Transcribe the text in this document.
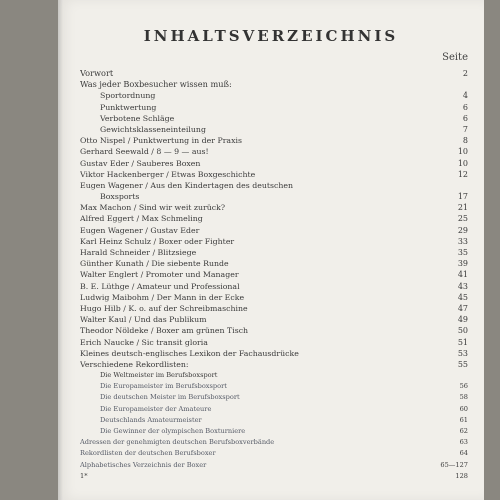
INHALTSVERZEICHNIS
Seite
Vorwort	2
Was jeder Boxbesucher wissen muß:
Sportordnung	4
Punktwertung	6
Verbotene Schläge	6
Gewichtsklasseneinteilung	7
Otto Nispel / Punktwertung in der Praxis	8
Gerhard Seewald / 8 — 9 — aus!	10
Gustav Eder / Sauberes Boxen	10
Viktor Hackenberger / Etwas Boxgeschichte	12
Eugen Wagener / Aus den Kindertagen des deutschen
Boxsports	17
Max Machon / Sind wir weit zurück?	21
Alfred Eggert / Max Schmeling	25
Eugen Wagener / Gustav Eder	29
Karl Heinz Schulz / Boxer oder Fighter	33
Harald Schneider / Blitzsiege	35
Günther Kunath / Die siebente Runde	39
Walter Englert / Promoter und Manager	41
B. E. Lüthge / Amateur und Professional	43
Ludwig Maibohm / Der Mann in der Ecke	45
Hugo Hilb / K. o. auf der Schreibmaschine	47
Walter Kaul / Und das Publikum	49
Theodor Nöldeke / Boxer am grünen Tisch	50
Erich Naucke / Sic transit gloria	51
Kleines deutsch-englisches Lexikon der Fachausdrücke	53
Verschiedene Rekordlisten:	55
Die Weltmeister im Berufsboxsport
Die Europameister im Berufsboxsport	56
Die deutschen Meister im Berufsboxsport	58
Die Europameister der Amateure	60
Deutschlands Amateurmeister	61
Die Gewinner der olympischen Boxturniere	62
Adressen der genehmigten deutschen Berufsboxverbände	63
Rekordlisten der deutschen Berufsboxer	64
Alphabetisches Verzeichnis der Boxer	65—127
1*	128
